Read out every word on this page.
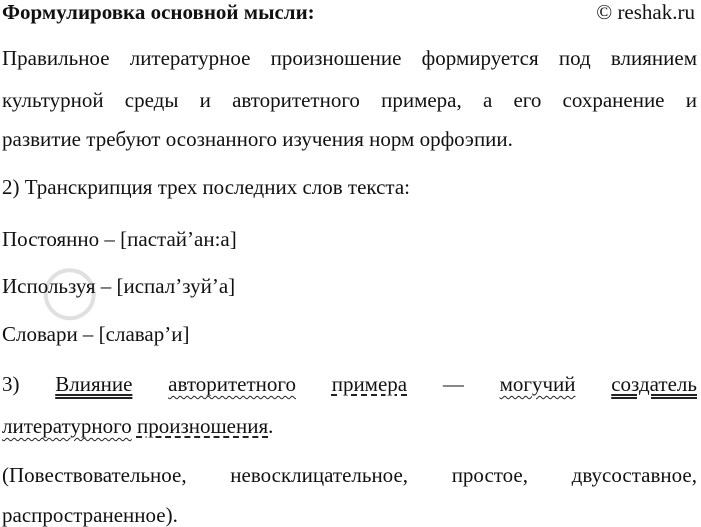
Формулировка основной мысли:	© reshak.ru
Правильное литературное произношение формируется под влиянием
культурной среды и авторитетного примера, а его сохранение и
развитие требуют осознанного изучения норм орфоэпии.
2) Транскрипция трех последних слов текста:
Постоянно – [пастай’ан:а]
Используя – [испал’зуй’а]
Словари – [славар’и]
3) Влияние авторитетного примера — могучий создатель
литературного произношения.
(Повествовательное, невосклицательное, простое, двусоставное,
распространенное).
